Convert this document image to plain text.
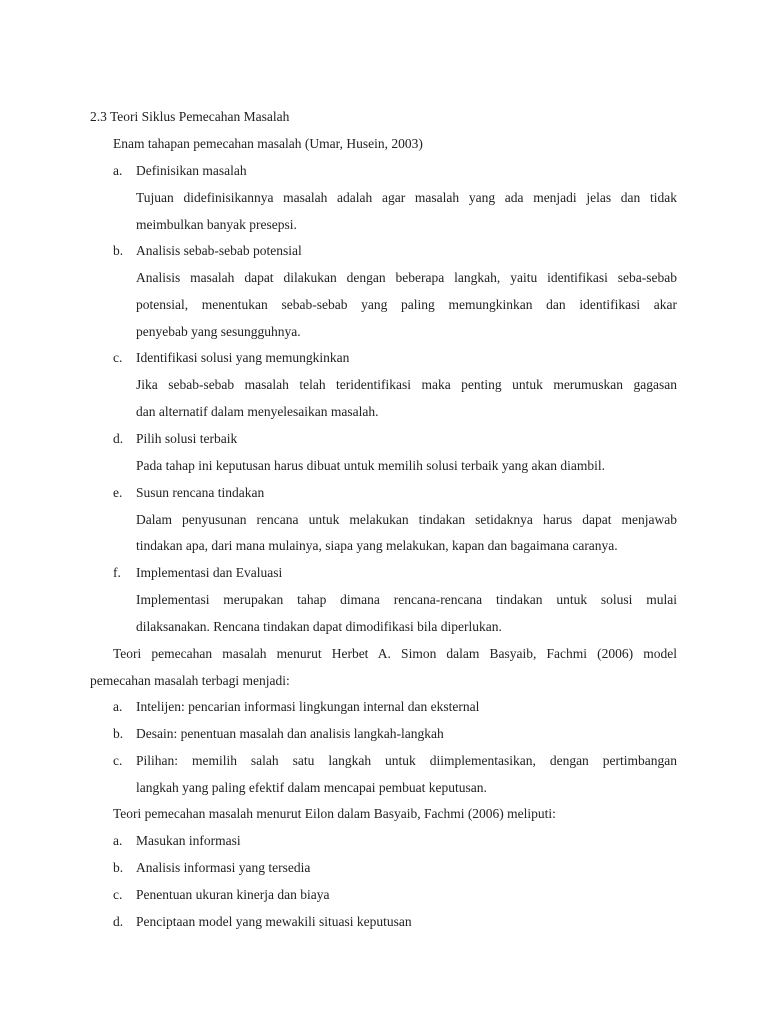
2.3 Teori Siklus Pemecahan Masalah
Enam tahapan pemecahan masalah (Umar, Husein, 2003)
a. Definisikan masalah
Tujuan didefinisikannya masalah adalah agar masalah yang ada menjadi jelas dan tidak
meimbulkan banyak presepsi.
b. Analisis sebab-sebab potensial
Analisis masalah dapat dilakukan dengan beberapa langkah, yaitu identifikasi seba-sebab
potensial, menentukan sebab-sebab yang paling memungkinkan dan identifikasi akar
penyebab yang sesungguhnya.
c. Identifikasi solusi yang memungkinkan
Jika sebab-sebab masalah telah teridentifikasi maka penting untuk merumuskan gagasan
dan alternatif dalam menyelesaikan masalah.
d. Pilih solusi terbaik
Pada tahap ini keputusan harus dibuat untuk memilih solusi terbaik yang akan diambil.
e. Susun rencana tindakan
Dalam penyusunan rencana untuk melakukan tindakan setidaknya harus dapat menjawab
tindakan apa, dari mana mulainya, siapa yang melakukan, kapan dan bagaimana caranya.
f. Implementasi dan Evaluasi
Implementasi merupakan tahap dimana rencana-rencana tindakan untuk solusi mulai
dilaksanakan. Rencana tindakan dapat dimodifikasi bila diperlukan.
Teori pemecahan masalah menurut Herbet A. Simon dalam Basyaib, Fachmi (2006) model
pemecahan masalah terbagi menjadi:
a. Intelijen: pencarian informasi lingkungan internal dan eksternal
b. Desain: penentuan masalah dan analisis langkah-langkah
c. Pilihan: memilih salah satu langkah untuk diimplementasikan, dengan pertimbangan
langkah yang paling efektif dalam mencapai pembuat keputusan.
Teori pemecahan masalah menurut Eilon dalam Basyaib, Fachmi (2006) meliputi:
a. Masukan informasi
b. Analisis informasi yang tersedia
c. Penentuan ukuran kinerja dan biaya
d. Penciptaan model yang mewakili situasi keputusan
